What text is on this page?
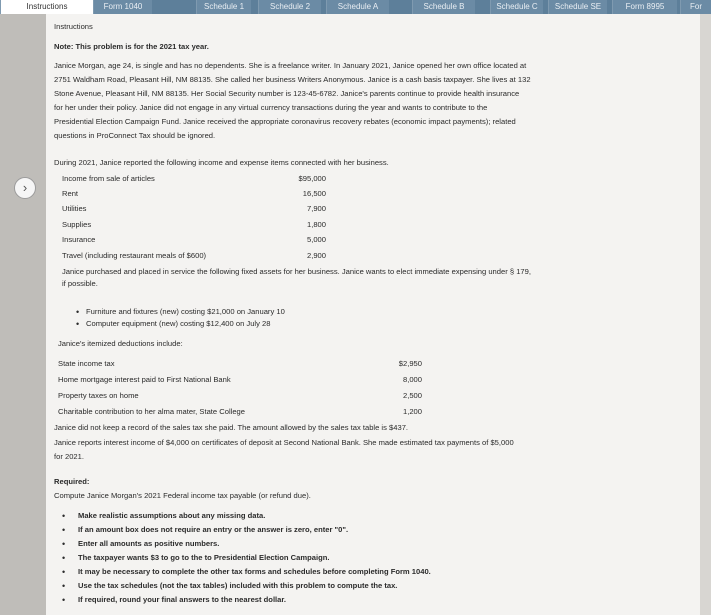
Instructions	Form 1040	Schedule 1	Schedule 2	Schedule A	Schedule B	Schedule C	Schedule SE	Form 8995	For
›
Instructions
Note: This problem is for the 2021 tax year.
Janice Morgan, age 24, is single and has no dependents. She is a freelance writer. In January 2021, Janice opened her own office located at
2751 Waldham Road, Pleasant Hill, NM 88135. She called her business Writers Anonymous. Janice is a cash basis taxpayer. She lives at 132
Stone Avenue, Pleasant Hill, NM 88135. Her Social Security number is 123-45-6782. Janice's parents continue to provide health insurance
for her under their policy. Janice did not engage in any virtual currency transactions during the year and wants to contribute to the
Presidential Election Campaign Fund. Janice received the appropriate coronavirus recovery rebates (economic impact payments); related
questions in ProConnect Tax should be ignored.
During 2021, Janice reported the following income and expense items connected with her business.
Income from sale of articles	$95,000
Rent	16,500
Utilities	7,900
Supplies	1,800
Insurance	5,000
Travel (including restaurant meals of $600)	2,900
Janice purchased and placed in service the following fixed assets for her business. Janice wants to elect immediate expensing under § 179,
if possible.
• Furniture and fixtures (new) costing $21,000 on January 10
• Computer equipment (new) costing $12,400 on July 28
Janice's itemized deductions include:
State income tax	$2,950
Home mortgage interest paid to First National Bank	8,000
Property taxes on home	2,500
Charitable contribution to her alma mater, State College	1,200
Janice did not keep a record of the sales tax she paid. The amount allowed by the sales tax table is $437.
Janice reports interest income of $4,000 on certificates of deposit at Second National Bank. She made estimated tax payments of $5,000
for 2021.
Required:
Compute Janice Morgan's 2021 Federal income tax payable (or refund due).
• Make realistic assumptions about any missing data.
• If an amount box does not require an entry or the answer is zero, enter "0".
• Enter all amounts as positive numbers.
• The taxpayer wants $3 to go to the to Presidential Election Campaign.
• It may be necessary to complete the other tax forms and schedules before completing Form 1040.
• Use the tax schedules (not the tax tables) included with this problem to compute the tax.
• If required, round your final answers to the nearest dollar.
